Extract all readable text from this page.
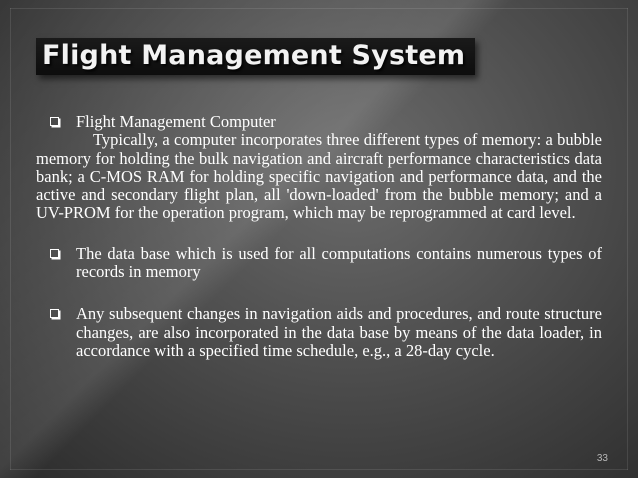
Flight Management System
Flight Management Computer
Typically, a computer incorporates three different types of memory: a bubble memory for holding the bulk navigation and aircraft performance characteristics data bank; a C-MOS RAM for holding specific navigation and performance data, and the active and secondary flight plan, all 'down-loaded' from the bubble memory; and a UV-PROM for the operation program, which may be reprogrammed at card level.
The data base which is used for all computations contains numerous types of records in memory
Any subsequent changes in navigation aids and procedures, and route structure changes, are also incorporated in the data base by means of the data loader, in accordance with a specified time schedule, e.g., a 28-day cycle.
33
